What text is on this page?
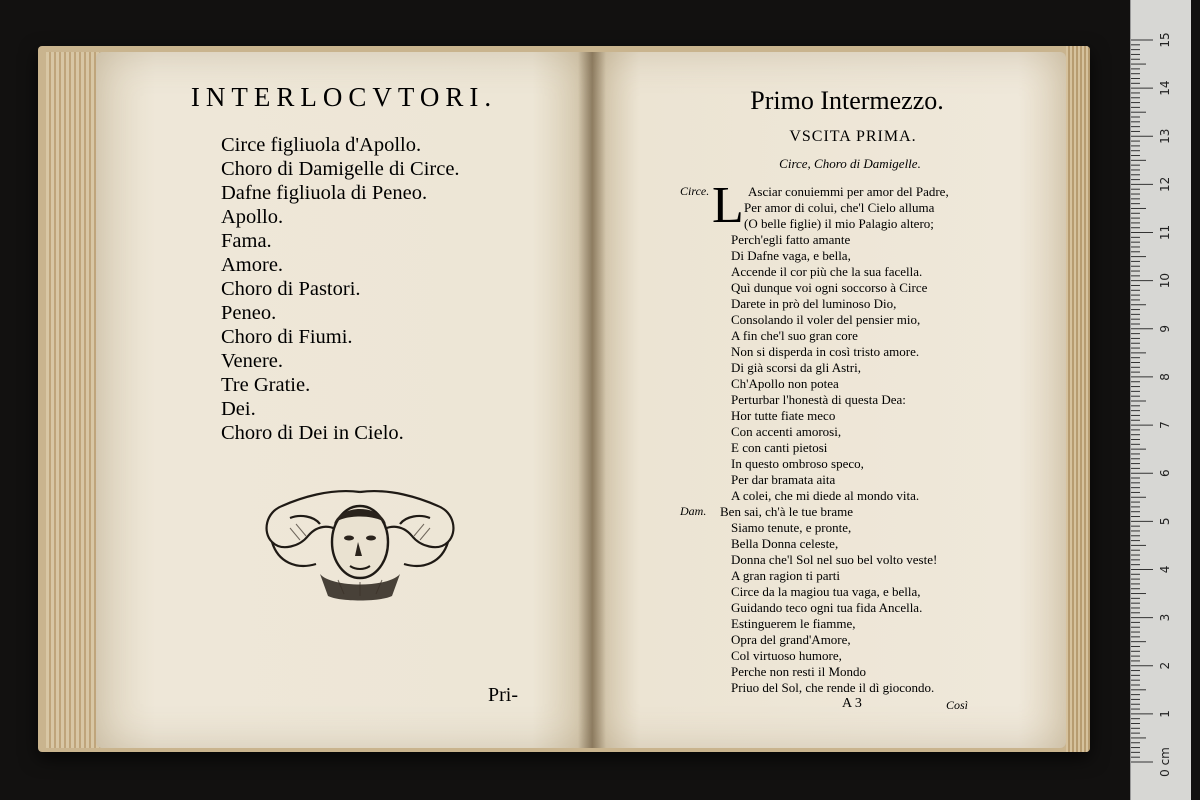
INTERLOCVTORI.
Circe figliuola d'Apollo.
Choro di Damigelle di Circe.
Dafne figliuola di Peneo.
Apollo.
Fama.
Amore.
Choro di Pastori.
Peneo.
Choro di Fiumi.
Venere.
Tre Gratie.
Dei.
Choro di Dei in Cielo.
Pri-
Primo Intermezzo.
VSCITA PRIMA.
Circe, Choro di Damigelle.
Circe. L Asciar conuiemmi per amor del Padre,
Per amor di colui, che'l Cielo alluma
(O belle figlie) il mio Palagio altero;
Perch'egli fatto amante
Di Dafne vaga, e bella,
Accende il cor più che la sua facella.
Quì dunque voi ogni soccorso à Circe
Darete in prò del luminoso Dio,
Consolando il voler del pensier mio,
A fin che'l suo gran core
Non si disperda in così tristo amore.
Di già scorsi da gli Astri,
Ch'Apollo non potea
Perturbar l'honestà di questa Dea:
Hor tutte fiate meco
Con accenti amorosi,
E con canti pietosi
In questo ombroso speco,
Per dar bramata aita
A colei, che mi diede al mondo vita.
Dam. Ben sai, ch'à le tue brame
Siamo tenute, e pronte,
Bella Donna celeste,
Donna che'l Sol nel suo bel volto veste!
A gran ragion ti parti
Circe da la magiou tua vaga, e bella,
Guidando teco ogni tua fida Ancella.
Estinguerem le fiamme,
Opra del grand'Amore,
Col virtuoso humore,
Perche non resti il Mondo
Priuo del Sol, che rende il dì giocondo.
A 3	Così
15
14
13
12
11
10
9
8
7
6
5
4
3
2
1
0 cm
